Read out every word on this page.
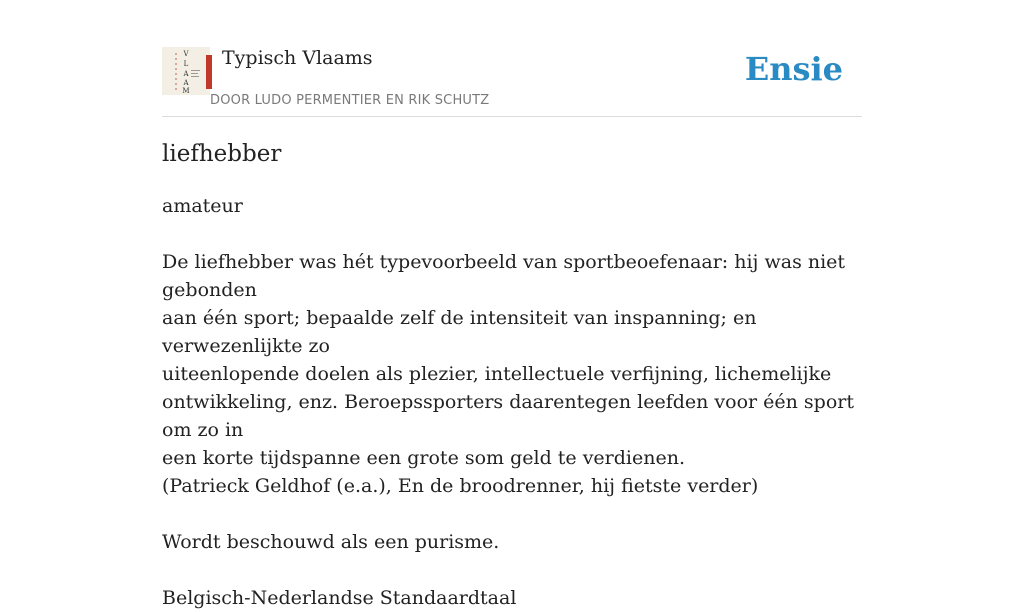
V
L
A
A
M
Typisch Vlaams
DOOR LUDO PERMENTIER EN RIK SCHUTZ
Ensie
liefhebber

amateur

De liefhebber was hét typevoorbeeld van sportbeoefenaar: hij was niet gebonden
aan één sport; bepaalde zelf de intensiteit van inspanning; en verwezenlijkte zo
uiteenlopende doelen als plezier, intellectuele verfijning, lichemelijke
ontwikkeling, enz. Beroepssporters daarentegen leefden voor één sport om zo in
een korte tijdspanne een grote som geld te verdienen.
(Patrieck Geldhof (e.a.), En de broodrenner, hij fietste verder)

Wordt beschouwd als een purisme.

Belgisch-Nederlandse Standaardtaal
